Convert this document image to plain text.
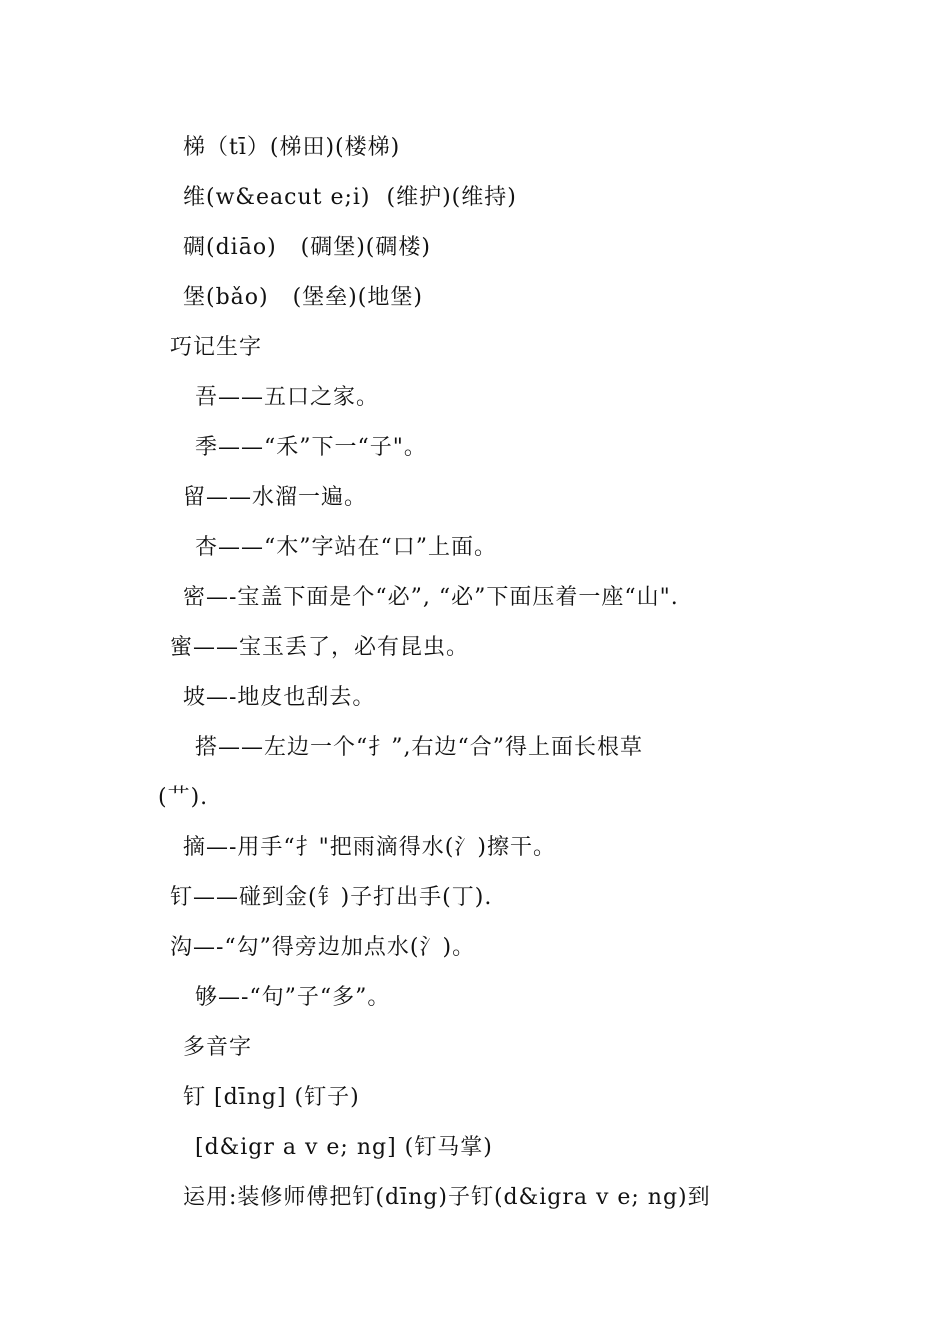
梯（tī）(梯田)(楼梯)
维(w&eacut e;i)  (维护)(维持)
碉(diāo)   (碉堡)(碉楼)
堡(bǎo)   (堡垒)(地堡)
巧记生字
吾——五口之家。
季——“禾”下一“子"。
留——水溜一遍。
杏——“木”字站在“口”上面。
密—-宝盖下面是个“必”, “必”下面压着一座“山".
蜜——宝玉丢了，必有昆虫。
坡—-地皮也刮去。
搭——左边一个“扌”,右边“合”得上面长根草
(艹).
摘—-用手“扌"把雨滴得水(氵)擦干。
钉——碰到金(钅)子打出手(丁).
沟—-“勾”得旁边加点水(氵)。
够—-“句”子“多”。
多音字
钉 [dīng] (钉子)
[d&igr a v e; ng] (钉马掌)
运用:装修师傅把钉(dīng)子钉(d&igra v e; ng)到
